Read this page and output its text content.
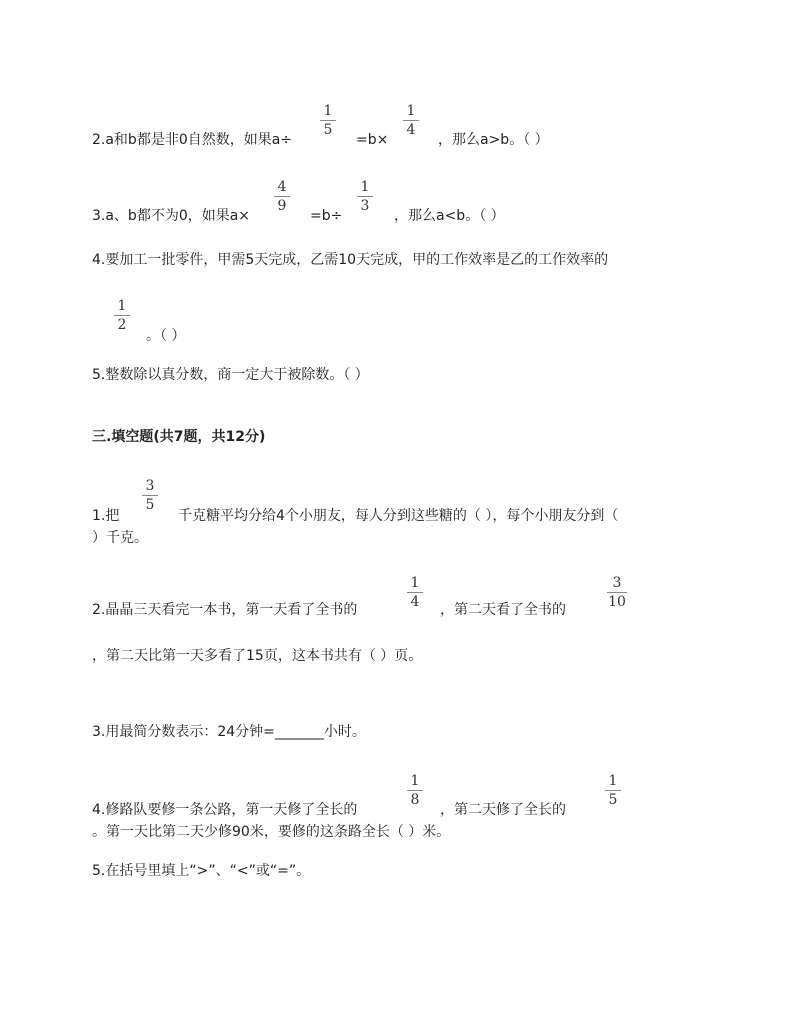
2.a和b都是非0自然数，如果a÷
1
5
=b×
1
4
，那么a>b。（ ）
3.a、b都不为0，如果a×
4
9
=b÷
1
3
，那么a<b。（ ）
4.要加工一批零件，甲需5天完成，乙需10天完成，甲的工作效率是乙的工作效率的
1
2
。（ ）
5.整数除以真分数，商一定大于被除数。（ ）
三.填空题(共7题，共12分)
1.把
3
5
千克糖平均分给4个小朋友，每人分到这些糖的（ ），每个小朋友分到（
）千克。
2.晶晶三天看完一本书，第一天看了全书的
1
4	，第二天看了全书的
3
10
，第二天比第一天多看了15页，这本书共有（ ）页。
3.用最简分数表示：24分钟=_______小时。
4.修路队要修一条公路，第一天修了全长的
1
8
，第二天修了全长的
1
5
。第一天比第二天少修90米，要修的这条路全长（ ）米。
5.在括号里填上“>”、“<”或“=”。
